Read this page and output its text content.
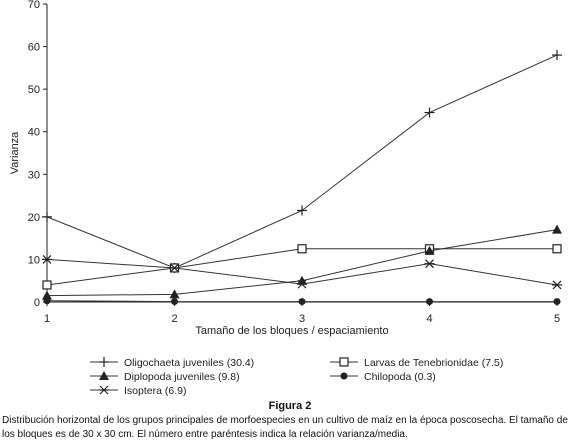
0
10
20
30
40
50
60
70
1	2	3	4	5
Varianza
Tamaño de los bloques / espaciamiento
Oligochaeta juveniles (30.4)	Larvas de Tenebrionidae (7.5)
Diplopoda juveniles (9.8)	Chilopoda (0.3)
Isoptera (6.9)
Figura 2
Distribución horizontal de los grupos principales de morfoespecies en un cultivo de maíz en la época poscosecha. El tamaño de los bloques es de 30 x 30 cm. El número entre paréntesis indica la relación varianza/media.
